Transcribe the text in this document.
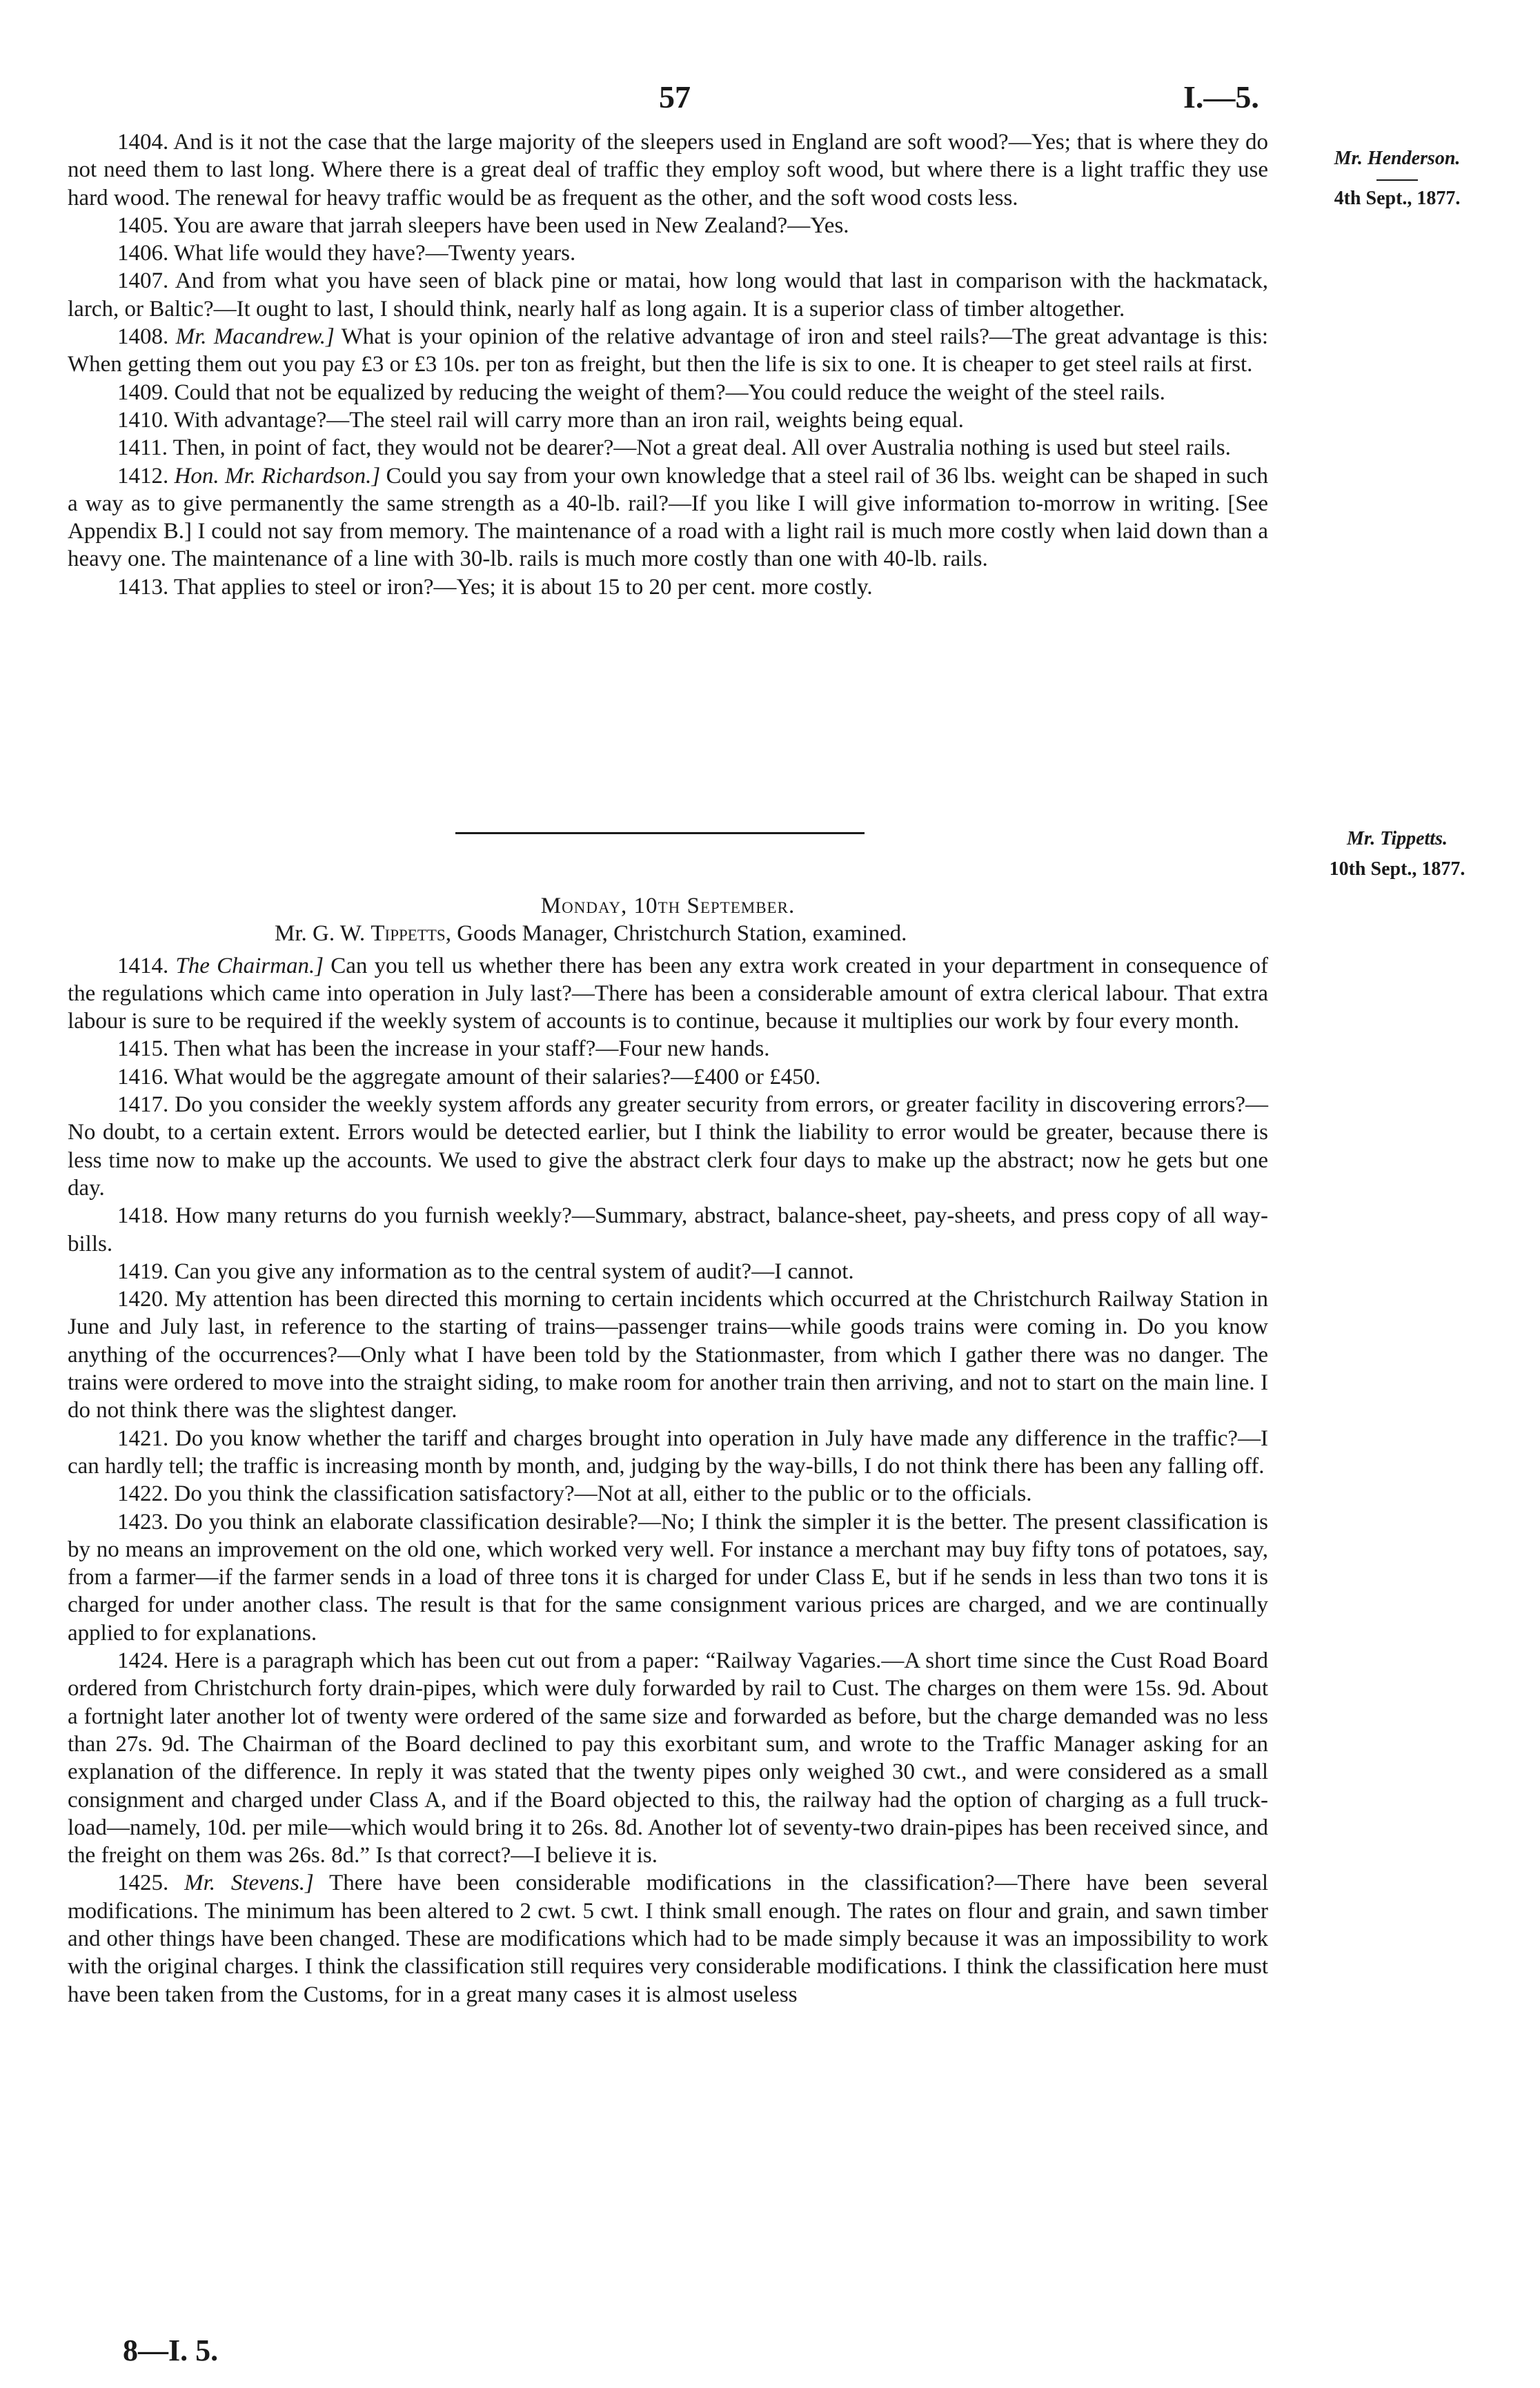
57	I.—5.
Mr. Henderson.
4th Sept., 1877.
Mr. Tippetts.
10th Sept., 1877.

1404. And is it not the case that the large majority of the sleepers used in England are soft wood?—Yes; that is where they do not need them to last long. Where there is a great deal of traffic they employ soft wood, but where there is a light traffic they use hard wood. The renewal for heavy traffic would be as frequent as the other, and the soft wood costs less.

1405. You are aware that jarrah sleepers have been used in New Zealand?—Yes.

1406. What life would they have?—Twenty years.

1407. And from what you have seen of black pine or matai, how long would that last in comparison with the hackmatack, larch, or Baltic?—It ought to last, I should think, nearly half as long again. It is a superior class of timber altogether.

1408. Mr. Macandrew.] What is your opinion of the relative advantage of iron and steel rails?—The great advantage is this: When getting them out you pay £3 or £3 10s. per ton as freight, but then the life is six to one. It is cheaper to get steel rails at first.

1409. Could that not be equalized by reducing the weight of them?—You could reduce the weight of the steel rails.

1410. With advantage?—The steel rail will carry more than an iron rail, weights being equal.

1411. Then, in point of fact, they would not be dearer?—Not a great deal. All over Australia nothing is used but steel rails.

1412. Hon. Mr. Richardson.] Could you say from your own knowledge that a steel rail of 36 lbs. weight can be shaped in such a way as to give permanently the same strength as a 40-lb. rail?—If you like I will give information to-morrow in writing. [See Appendix B.] I could not say from memory. The maintenance of a road with a light rail is much more costly when laid down than a heavy one. The maintenance of a line with 30-lb. rails is much more costly than one with 40-lb. rails.

1413. That applies to steel or iron?—Yes; it is about 15 to 20 per cent. more costly.

Monday, 10th September.

Mr. G. W. Tippetts, Goods Manager, Christchurch Station, examined.

1414. The Chairman.] Can you tell us whether there has been any extra work created in your department in consequence of the regulations which came into operation in July last?—There has been a considerable amount of extra clerical labour. That extra labour is sure to be required if the weekly system of accounts is to continue, because it multiplies our work by four every month.

1415. Then what has been the increase in your staff?—Four new hands.

1416. What would be the aggregate amount of their salaries?—£400 or £450.

1417. Do you consider the weekly system affords any greater security from errors, or greater facility in discovering errors?—No doubt, to a certain extent. Errors would be detected earlier, but I think the liability to error would be greater, because there is less time now to make up the accounts. We used to give the abstract clerk four days to make up the abstract; now he gets but one day.

1418. How many returns do you furnish weekly?—Summary, abstract, balance-sheet, pay-sheets, and press copy of all way-bills.

1419. Can you give any information as to the central system of audit?—I cannot.

1420. My attention has been directed this morning to certain incidents which occurred at the Christchurch Railway Station in June and July last, in reference to the starting of trains—passenger trains—while goods trains were coming in. Do you know anything of the occurrences?—Only what I have been told by the Stationmaster, from which I gather there was no danger. The trains were ordered to move into the straight siding, to make room for another train then arriving, and not to start on the main line. I do not think there was the slightest danger.

1421. Do you know whether the tariff and charges brought into operation in July have made any difference in the traffic?—I can hardly tell; the traffic is increasing month by month, and, judging by the way-bills, I do not think there has been any falling off.

1422. Do you think the classification satisfactory?—Not at all, either to the public or to the officials.

1423. Do you think an elaborate classification desirable?—No; I think the simpler it is the better. The present classification is by no means an improvement on the old one, which worked very well. For instance a merchant may buy fifty tons of potatoes, say, from a farmer—if the farmer sends in a load of three tons it is charged for under Class E, but if he sends in less than two tons it is charged for under another class. The result is that for the same consignment various prices are charged, and we are continually applied to for explanations.

1424. Here is a paragraph which has been cut out from a paper: “Railway Vagaries.—A short time since the Cust Road Board ordered from Christchurch forty drain-pipes, which were duly forwarded by rail to Cust. The charges on them were 15s. 9d. About a fortnight later another lot of twenty were ordered of the same size and forwarded as before, but the charge demanded was no less than 27s. 9d. The Chairman of the Board declined to pay this exorbitant sum, and wrote to the Traffic Manager asking for an explanation of the difference. In reply it was stated that the twenty pipes only weighed 30 cwt., and were considered as a small consignment and charged under Class A, and if the Board objected to this, the railway had the option of charging as a full truck-load—namely, 10d. per mile—which would bring it to 26s. 8d. Another lot of seventy-two drain-pipes has been received since, and the freight on them was 26s. 8d.” Is that correct?—I believe it is.

1425. Mr. Stevens.] There have been considerable modifications in the classification?—There have been several modifications. The minimum has been altered to 2 cwt. 5 cwt. I think small enough. The rates on flour and grain, and sawn timber and other things have been changed. These are modifications which had to be made simply because it was an impossibility to work with the original charges. I think the classification still requires very considerable modifications. I think the classification here must have been taken from the Customs, for in a great many cases it is almost useless

8—I. 5.
